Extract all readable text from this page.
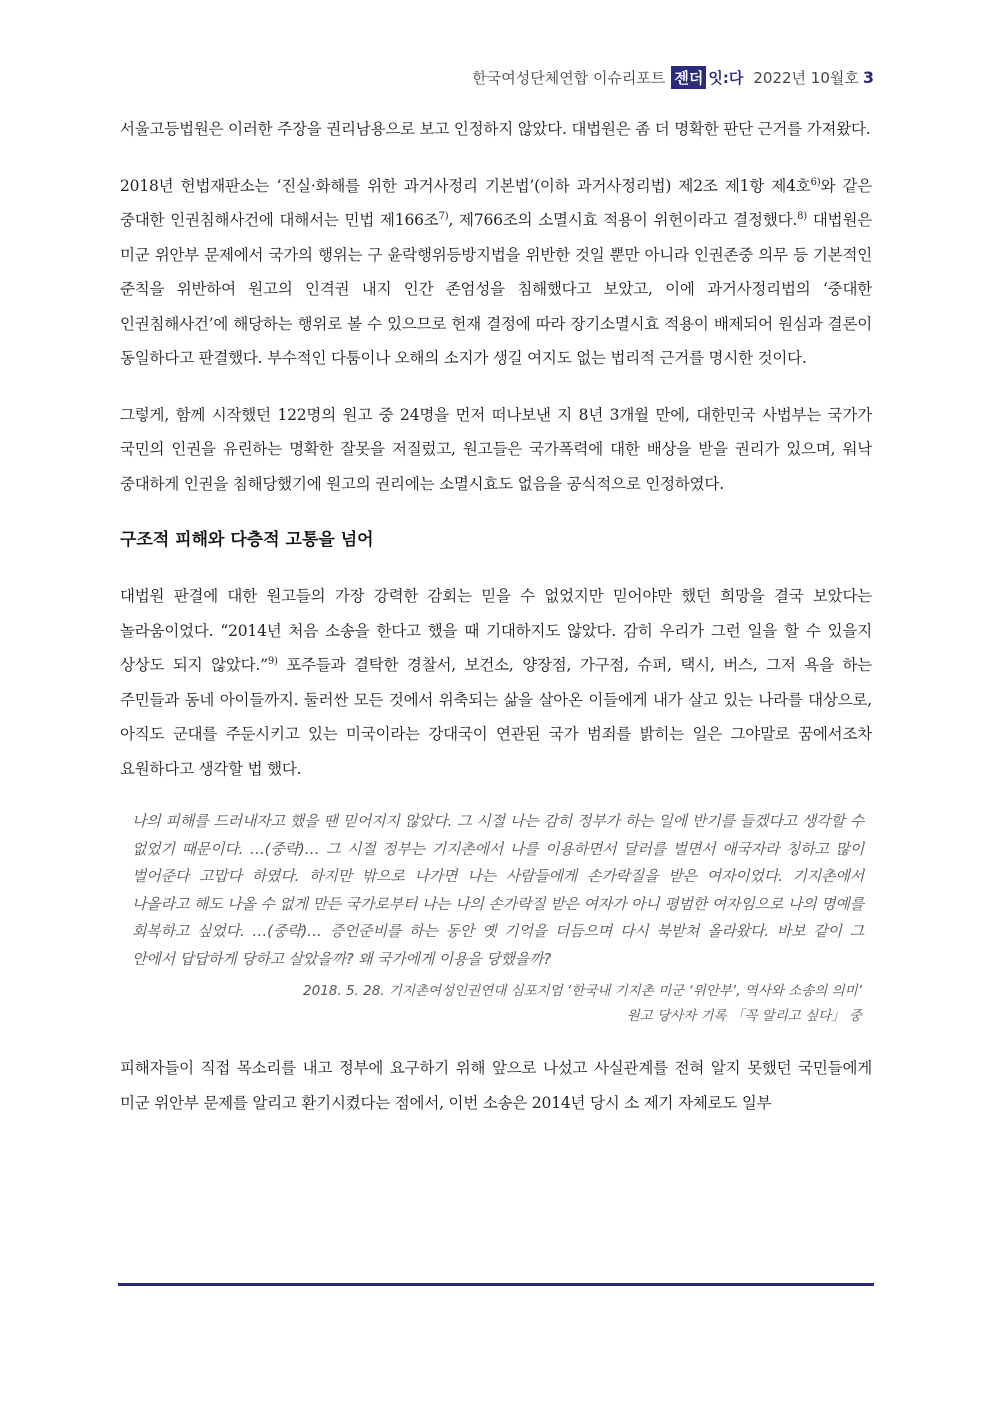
한국여성단체연합 이슈리포트 젠더 잇:다 2022년 10월호 3

서울고등법원은 이러한 주장을 권리남용으로 보고 인정하지 않았다. 대법원은 좀 더 명확한 판단 근거를 가져왔다.

2018년 헌법재판소는 ‘진실·화해를 위한 과거사정리 기본법’(이하 과거사정리법) 제2조 제1항 제4호$^{6)}$와 같은 중대한 인권침해사건에 대해서는 민법 제166조$^{7)}$, 제766조의 소멸시효 적용이 위헌이라고 결정했다.$^{8)}$ 대법원은 미군 위안부 문제에서 국가의 행위는 구 윤락행위등방지법을 위반한 것일 뿐만 아니라 인권존중 의무 등 기본적인 준칙을 위반하여 원고의 인격권 내지 인간 존엄성을 침해했다고 보았고, 이에 과거사정리법의 ‘중대한 인권침해사건’에 해당하는 행위로 볼 수 있으므로 헌재 결정에 따라 장기소멸시효 적용이 배제되어 원심과 결론이 동일하다고 판결했다. 부수적인 다툼이나 오해의 소지가 생길 여지도 없는 법리적 근거를 명시한 것이다.

그렇게, 함께 시작했던 122명의 원고 중 24명을 먼저 떠나보낸 지 8년 3개월 만에, 대한민국 사법부는 국가가 국민의 인권을 유린하는 명확한 잘못을 저질렀고, 원고들은 국가폭력에 대한 배상을 받을 권리가 있으며, 워낙 중대하게 인권을 침해당했기에 원고의 권리에는 소멸시효도 없음을 공식적으로 인정하였다.

구조적 피해와 다층적 고통을 넘어

대법원 판결에 대한 원고들의 가장 강력한 감회는 믿을 수 없었지만 믿어야만 했던 희망을 결국 보았다는 놀라움이었다. “2014년 처음 소송을 한다고 했을 때 기대하지도 않았다. 감히 우리가 그런 일을 할 수 있을지 상상도 되지 않았다.”$^{9)}$ 포주들과 결탁한 경찰서, 보건소, 양장점, 가구점, 슈퍼, 택시, 버스, 그저 욕을 하는 주민들과 동네 아이들까지. 둘러싼 모든 것에서 위축되는 삶을 살아온 이들에게 내가 살고 있는 나라를 대상으로, 아직도 군대를 주둔시키고 있는 미국이라는 강대국이 연관된 국가 범죄를 밝히는 일은 그야말로 꿈에서조차 요원하다고 생각할 법 했다.

나의 피해를 드러내자고 했을 땐 믿어지지 않았다. 그 시절 나는 감히 정부가 하는 일에 반기를 들겠다고 생각할 수 없었기 때문이다. …(중략)… 그 시절 정부는 기지촌에서 나를 이용하면서 달러를 벌면서 애국자라 칭하고 많이 벌어준다 고맙다 하였다. 하지만 밖으로 나가면 나는 사람들에게 손가락질을 받은 여자이었다. 기지촌에서 나올라고 해도 나올 수 없게 만든 국가로부터 나는 나의 손가락질 받은 여자가 아니 평범한 여자임으로 나의 명예를 회복하고 싶었다. …(중략)… 증언준비를 하는 동안 옛 기억을 더듬으며 다시 북받쳐 올라왔다. 바보 같이 그 안에서 답답하게 당하고 살았을까? 왜 국가에게 이용을 당했을까?
2018. 5. 28. 기지촌여성인권연대 심포지엄 ‘한국내 기지촌 미군 ‘위안부’, 역사와 소송의 의미’
원고 당사자 기록 「꼭 알리고 싶다」 중

피해자들이 직접 목소리를 내고 정부에 요구하기 위해 앞으로 나섰고 사실관계를 전혀 알지 못했던 국민들에게 미군 위안부 문제를 알리고 환기시켰다는 점에서, 이번 소송은 2014년 당시 소 제기 자체로도 일부
